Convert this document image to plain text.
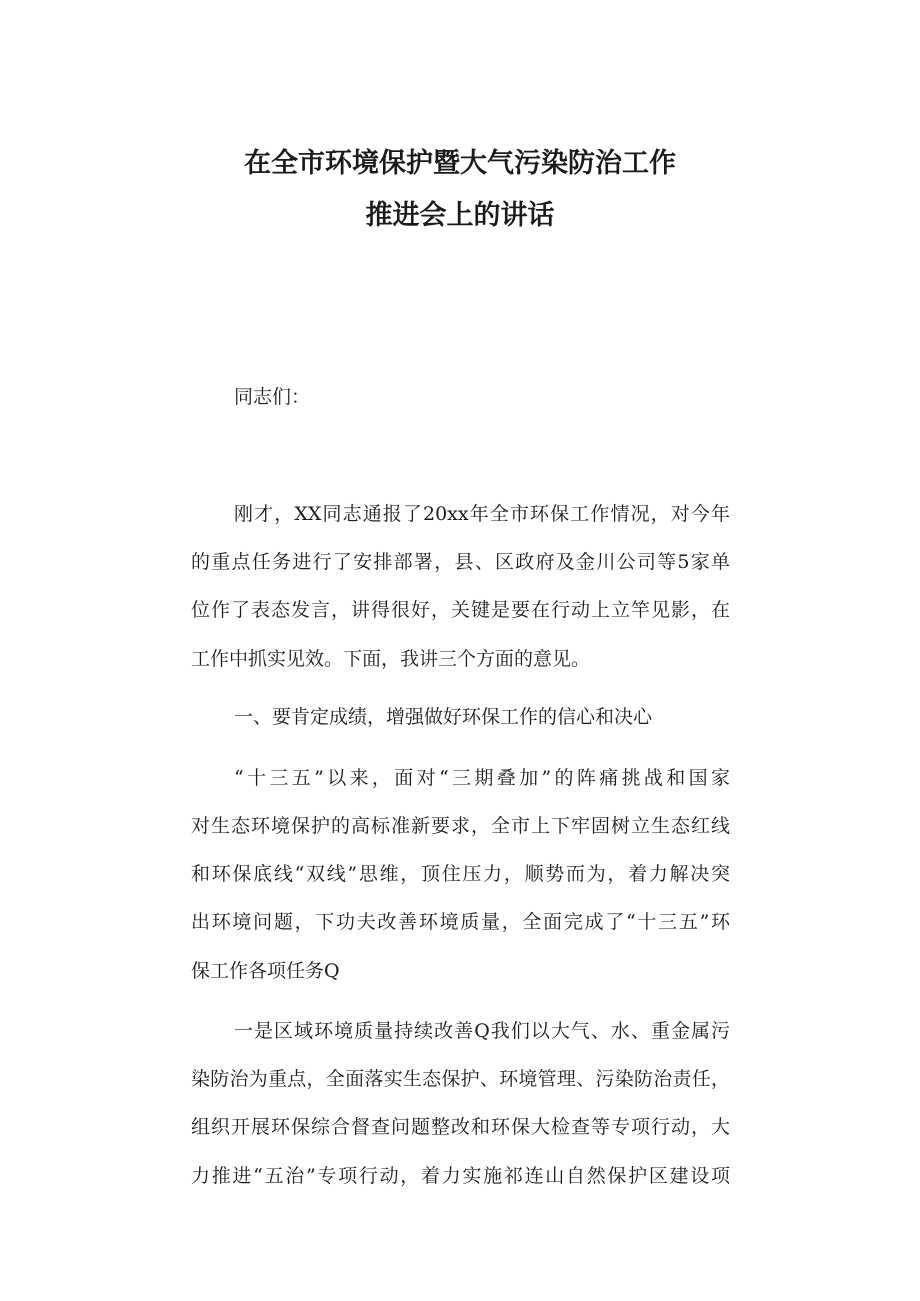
在全市环境保护暨大气污染防治工作
推进会上的讲话
同志们：
刚才，XX同志通报了20xx年全市环保工作情况，对今年
的重点任务进行了安排部署，县、区政府及金川公司等5家单
位作了表态发言，讲得很好，关键是要在行动上立竿见影，在
工作中抓实见效。下面，我讲三个方面的意见。
一、要肯定成绩，增强做好环保工作的信心和决心
“十三五”以来，面对“三期叠加”的阵痛挑战和国家
对生态环境保护的高标准新要求，全市上下牢固树立生态红线
和环保底线“双线”思维，顶住压力，顺势而为，着力解决突
出环境问题，下功夫改善环境质量，全面完成了“十三五”环
保工作各项任务Q
一是区域环境质量持续改善Q我们以大气、水、重金属污
染防治为重点，全面落实生态保护、环境管理、污染防治责任，
组织开展环保综合督查问题整改和环保大检查等专项行动，大
力推进“五治”专项行动，着力实施祁连山自然保护区建设项
